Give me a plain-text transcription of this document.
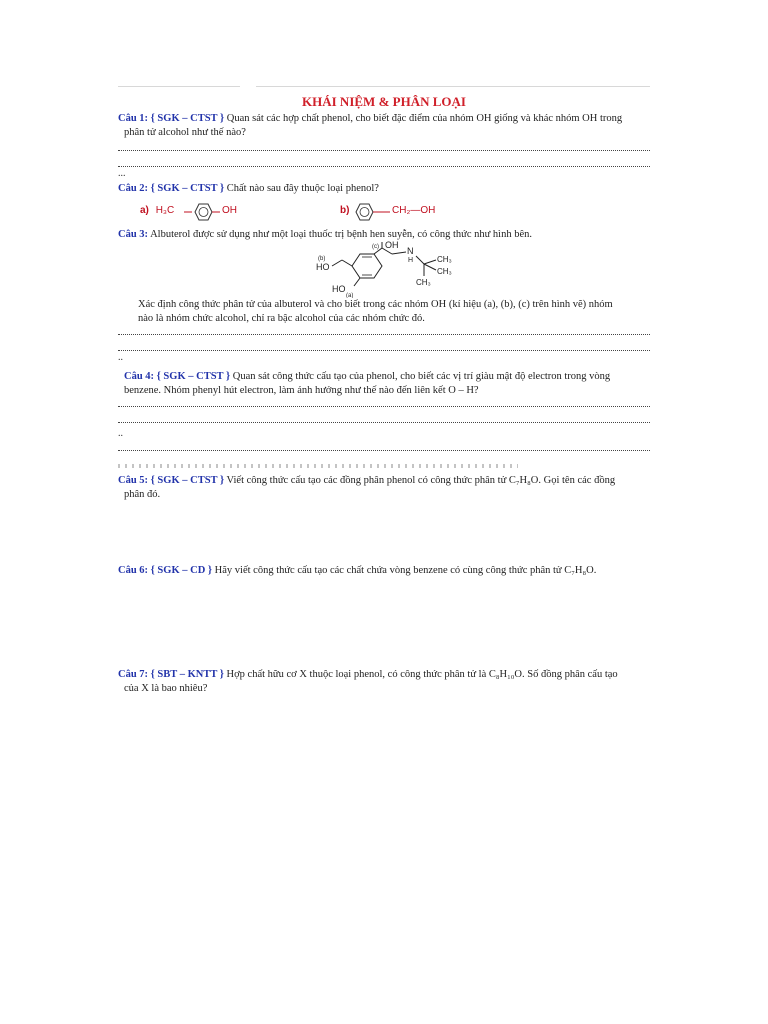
KHÁI NIỆM & PHÂN LOẠI
Câu 1: { SGK – CTST } Quan sát các hợp chất phenol, cho biết đặc điểm của nhóm OH giống và khác nhóm OH trong
phân tử alcohol như thế nào?
...
Câu 2: { SGK – CTST } Chất nào sau đây thuộc loại phenol?
a) H₃C	OH	b)	CH₂—OH
Câu 3: Albuterol được sử dụng như một loại thuốc trị bệnh hen suyễn, có công thức như hình bên.
(c) OH
(b)
HO
HO
(a)
N
H	CH₃
CH₃
CH₃
Xác định công thức phân tử của albuterol và cho biết trong các nhóm OH (kí hiệu (a), (b), (c) trên hình vẽ) nhóm
nào là nhóm chức alcohol, chỉ ra bậc alcohol của các nhóm chức đó.
..
Câu 4: { SGK – CTST } Quan sát công thức cấu tạo của phenol, cho biết các vị trí giàu mật độ electron trong vòng
benzene. Nhóm phenyl hút electron, làm ảnh hưởng như thế nào đến liên kết O – H?
..
Câu 5: { SGK – CTST } Viết công thức cấu tạo các đồng phân phenol có công thức phân tử C₇H₈O. Gọi tên các đồng
phân đó.
Câu 6: { SGK – CD } Hãy viết công thức cấu tạo các chất chứa vòng benzene có cùng công thức phân tử C₇H₈O.
Câu 7: { SBT – KNTT } Hợp chất hữu cơ X thuộc loại phenol, có công thức phân tử là C₈H₁₀O. Số đồng phân cấu tạo
của X là bao nhiêu?
